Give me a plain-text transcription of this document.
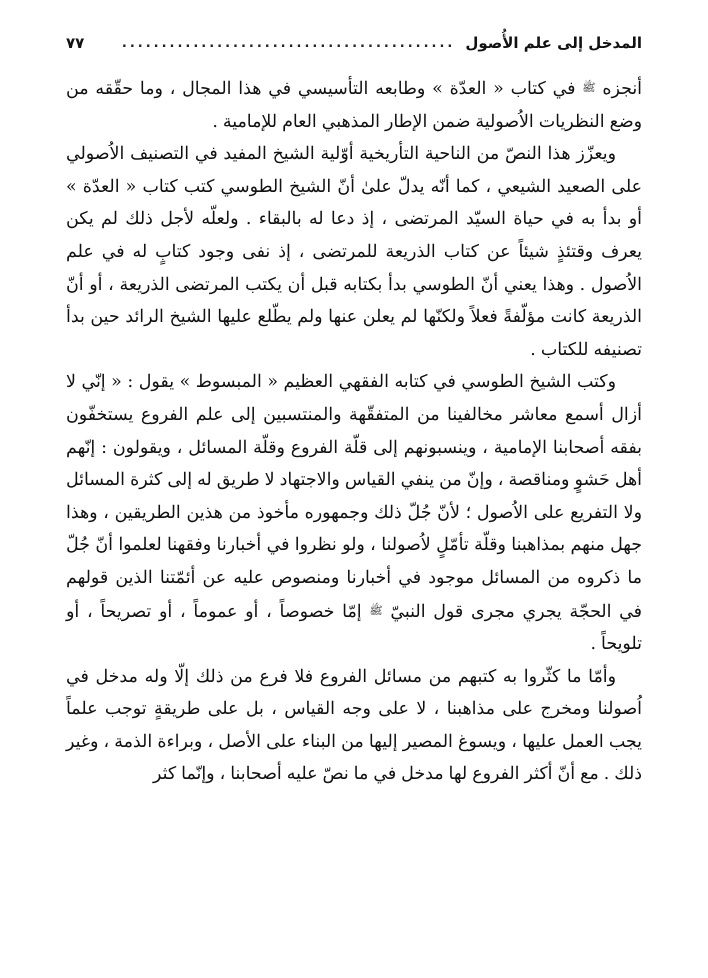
المدخل إلى علم الأُصول
..........................................
٧٧

أنجزه ﷺ في كتاب « العدّة » وطابعه التأسيسي في هذا المجال ، وما حقّقه من وضع النظريات الاُصولية ضمن الإطار المذهبي العام للإمامية .

ويعزّز هذا النصّ من الناحية التأريخية أوّلية الشيخ المفيد في التصنيف الاُصولي على الصعيد الشيعي ، كما أنّه يدلّ علىٰ أنّ الشيخ الطوسي كتب كتاب « العدّة » أو بدأ به في حياة السيّد المرتضى ، إذ دعا له بالبقاء . ولعلّه لأجل ذلك لم يكن يعرف وقتئذٍ شيئاً عن كتاب الذريعة للمرتضى ، إذ نفى وجود كتابٍ له في علم الاُصول . وهذا يعني أنّ الطوسي بدأ بكتابه قبل أن يكتب المرتضى الذريعة ، أو أنّ الذريعة كانت مؤلّفةً فعلاً ولكنّها لم يعلن عنها ولم يطّلع عليها الشيخ الرائد حين بدأ تصنيفه للكتاب .

وكتب الشيخ الطوسي في كتابه الفقهي العظيم « المبسوط » يقول : « إنّي لا أزال أسمع معاشر مخالفينا من المتفقّهة والمنتسبين إلى علم الفروع يستخفّون بفقه أصحابنا الإمامية ، وينسبونهم إلى قلّة الفروع وقلّة المسائل ، ويقولون : إنّهم أهل حَشوٍ ومناقصة ، وإنّ من ينفي القياس والاجتهاد لا طريق له إلى كثرة المسائل ولا التفريع على الاُصول ؛ لأنّ جُلّ ذلك وجمهوره مأخوذ من هذين الطريقين ، وهذا جهل منهم بمذاهبنا وقلّة تأمّلٍ لاُصولنا ، ولو نظروا في أخبارنا وفقهنا لعلموا أنّ جُلّ ما ذكروه من المسائل موجود في أخبارنا ومنصوص عليه عن أئمّتنا الذين قولهم في الحجّة يجري مجرى قول النبيّ ﷺ إمّا خصوصاً ، أو عموماً ، أو تصريحاً ، أو تلويحاً .

وأمّا ما كثّروا به كتبهم من مسائل الفروع فلا فرع من ذلك إلّا وله مدخل في اُصولنا ومخرج على مذاهبنا ، لا على وجه القياس ، بل على طريقةٍ توجب علماً يجب العمل عليها ، ويسوغ المصير إليها من البناء على الأصل ، وبراءة الذمة ، وغير ذلك . مع أنّ أكثر الفروع لها مدخل في ما نصّ عليه أصحابنا ، وإنّما كثر
